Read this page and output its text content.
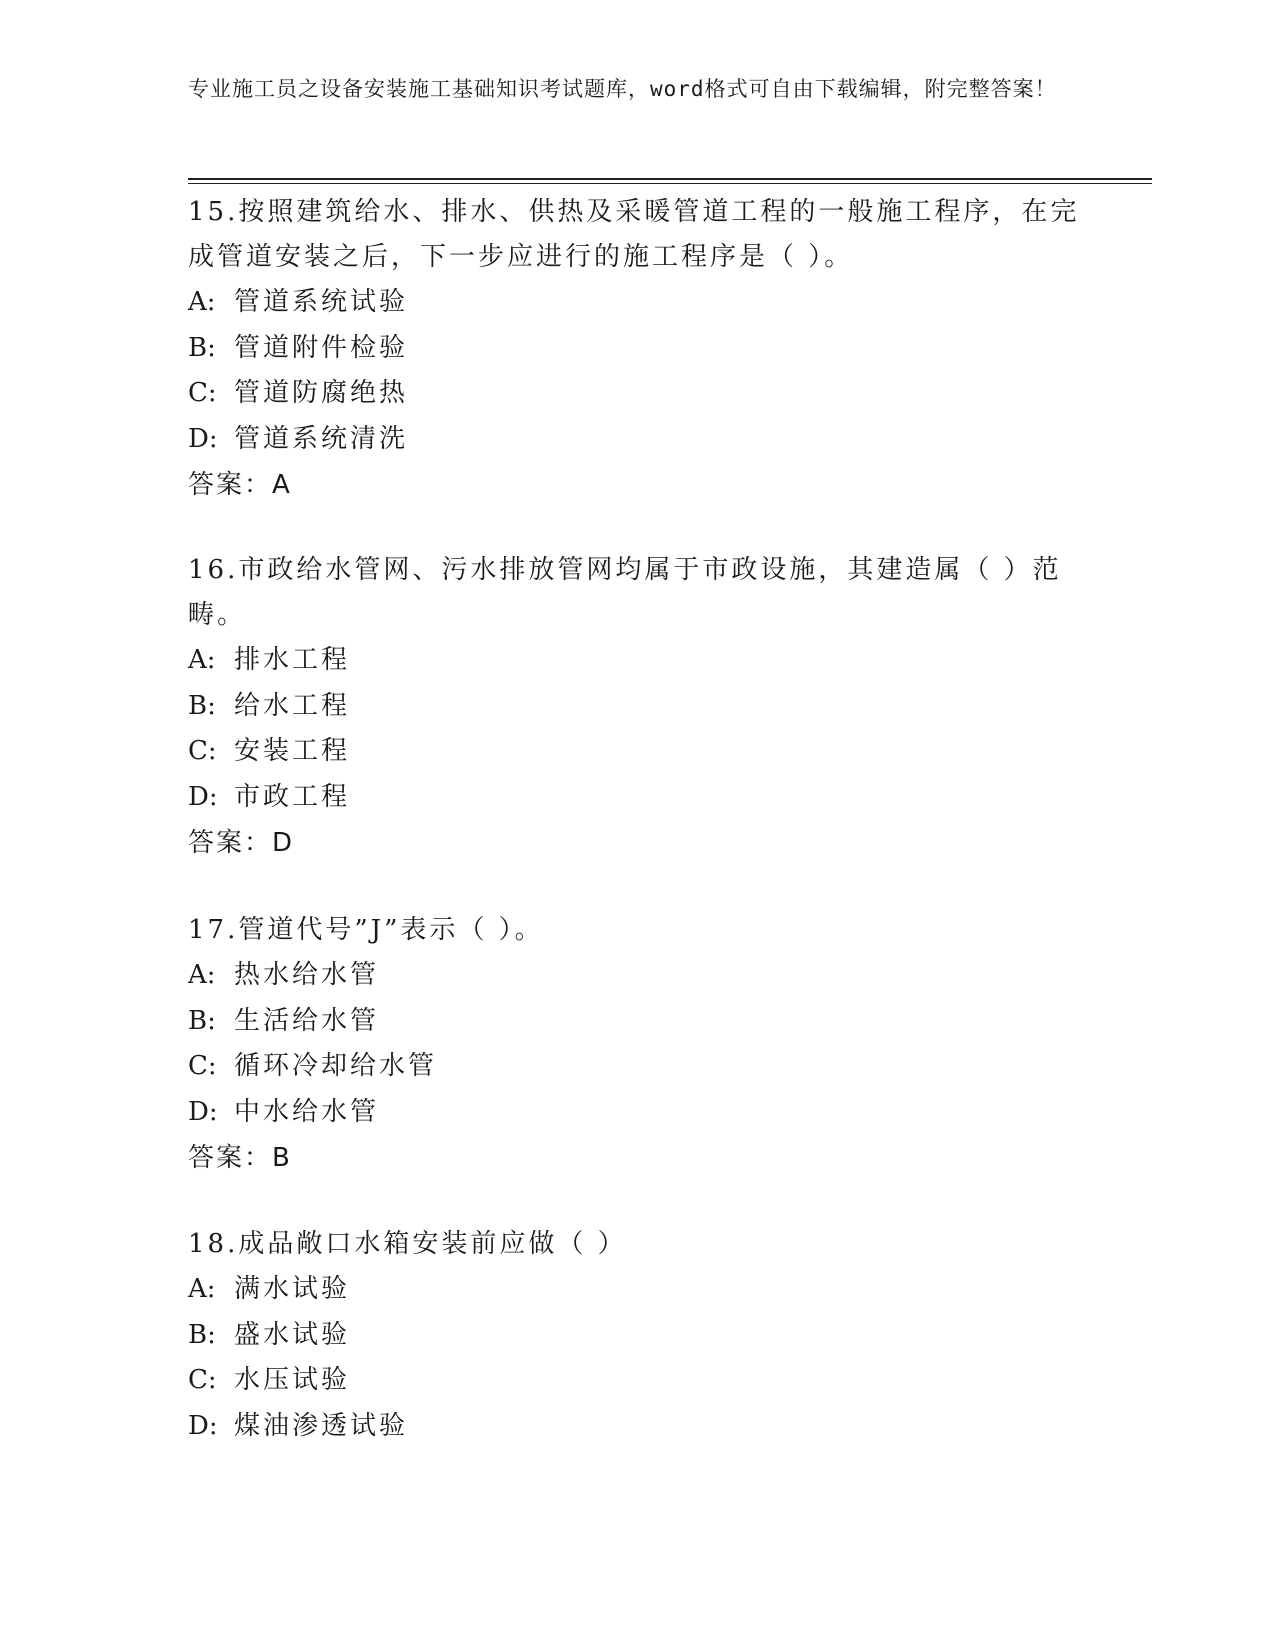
专业施工员之设备安装施工基础知识考试题库，word格式可自由下载编辑，附完整答案！

15.按照建筑给水、排水、供热及采暖管道工程的一般施工程序，在完成管道安装之后，下一步应进行的施工程序是（ ）。

A: 管道系统试验

B: 管道附件检验

C: 管道防腐绝热

D: 管道系统清洗

答案：A

16.市政给水管网、污水排放管网均属于市政设施，其建造属（ ）范畴。

A: 排水工程

B: 给水工程

C: 安装工程

D: 市政工程

答案：D

17.管道代号”J”表示（ ）。

A: 热水给水管

B: 生活给水管

C: 循环冷却给水管

D: 中水给水管

答案：B

18.成品敞口水箱安装前应做（ ）

A: 满水试验

B: 盛水试验

C: 水压试验

D: 煤油渗透试验
